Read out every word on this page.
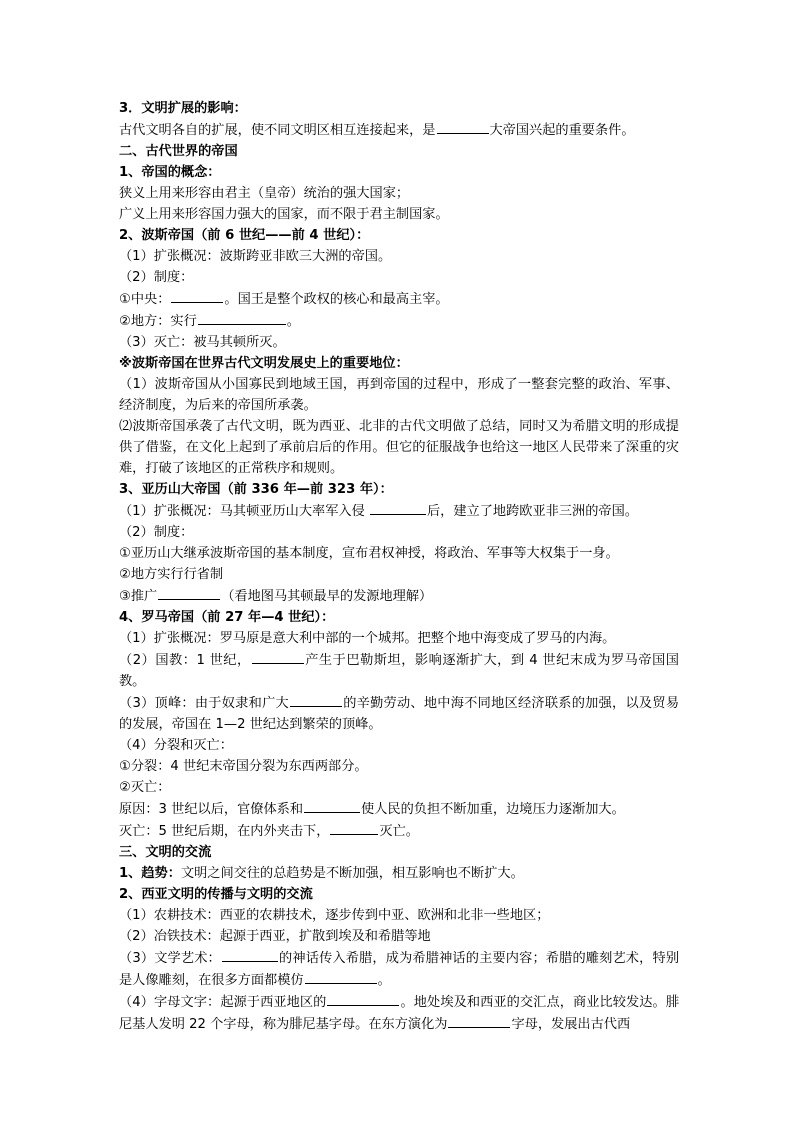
3．文明扩展的影响：
古代文明各自的扩展，使不同文明区相互连接起来，是	大帝国兴起的重要条件。
二、古代世界的帝国
1、帝国的概念：
狭义上用来形容由君主（皇帝）统治的强大国家；
广义上用来形容国力强大的国家，而不限于君主制国家。
2、波斯帝国（前 6 世纪——前 4 世纪）：
（1）扩张概况：波斯跨亚非欧三大洲的帝国。
（2）制度：
①中央：	。国王是整个政权的核心和最高主宰。
②地方：实行	。
（3）灭亡：被马其顿所灭。
※波斯帝国在世界古代文明发展史上的重要地位：
（1）波斯帝国从小国寡民到地域王国，再到帝国的过程中，形成了一整套完整的政治、军事、经济制度，为后来的帝国所承袭。
⑵波斯帝国承袭了古代文明，既为西亚、北非的古代文明做了总结，同时又为希腊文明的形成提供了借鉴，在文化上起到了承前启后的作用。但它的征服战争也给这一地区人民带来了深重的灾难，打破了该地区的正常秩序和规则。
3、亚历山大帝国（前 336 年—前 323 年）：
（1）扩张概况：马其顿亚历山大率军入侵	后，建立了地跨欧亚非三洲的帝国。
（2）制度：
①亚历山大继承波斯帝国的基本制度，宣布君权神授，将政治、军事等大权集于一身。
②地方实行行省制
③推广	（看地图马其顿最早的发源地理解）
4、罗马帝国（前 27 年—4 世纪）：
（1）扩张概况：罗马原是意大利中部的一个城邦。把整个地中海变成了罗马的内海。
（2）国教：1 世纪，	产生于巴勒斯坦，影响逐渐扩大，到 4 世纪末成为罗马帝国国教。
（3）顶峰：由于奴隶和广大	的辛勤劳动、地中海不同地区经济联系的加强，以及贸易的发展，帝国在 1—2 世纪达到繁荣的顶峰。
（4）分裂和灭亡：
①分裂：4 世纪末帝国分裂为东西两部分。
②灭亡：
原因：3 世纪以后，官僚体系和	使人民的负担不断加重，边境压力逐渐加大。
灭亡：5 世纪后期，在内外夹击下，	灭亡。
三、文明的交流
1、趋势：文明之间交往的总趋势是不断加强，相互影响也不断扩大。
2、西亚文明的传播与文明的交流
（1）农耕技术：西亚的农耕技术，逐步传到中亚、欧洲和北非一些地区；
（2）冶铁技术：起源于西亚，扩散到埃及和希腊等地
（3）文学艺术：	的神话传入希腊，成为希腊神话的主要内容；希腊的雕刻艺术，特别是人像雕刻，在很多方面都模仿	。
（4）字母文字：起源于西亚地区的	。地处埃及和西亚的交汇点，商业比较发达。腓尼基人发明 22 个字母，称为腓尼基字母。在东方演化为	字母，发展出古代西
